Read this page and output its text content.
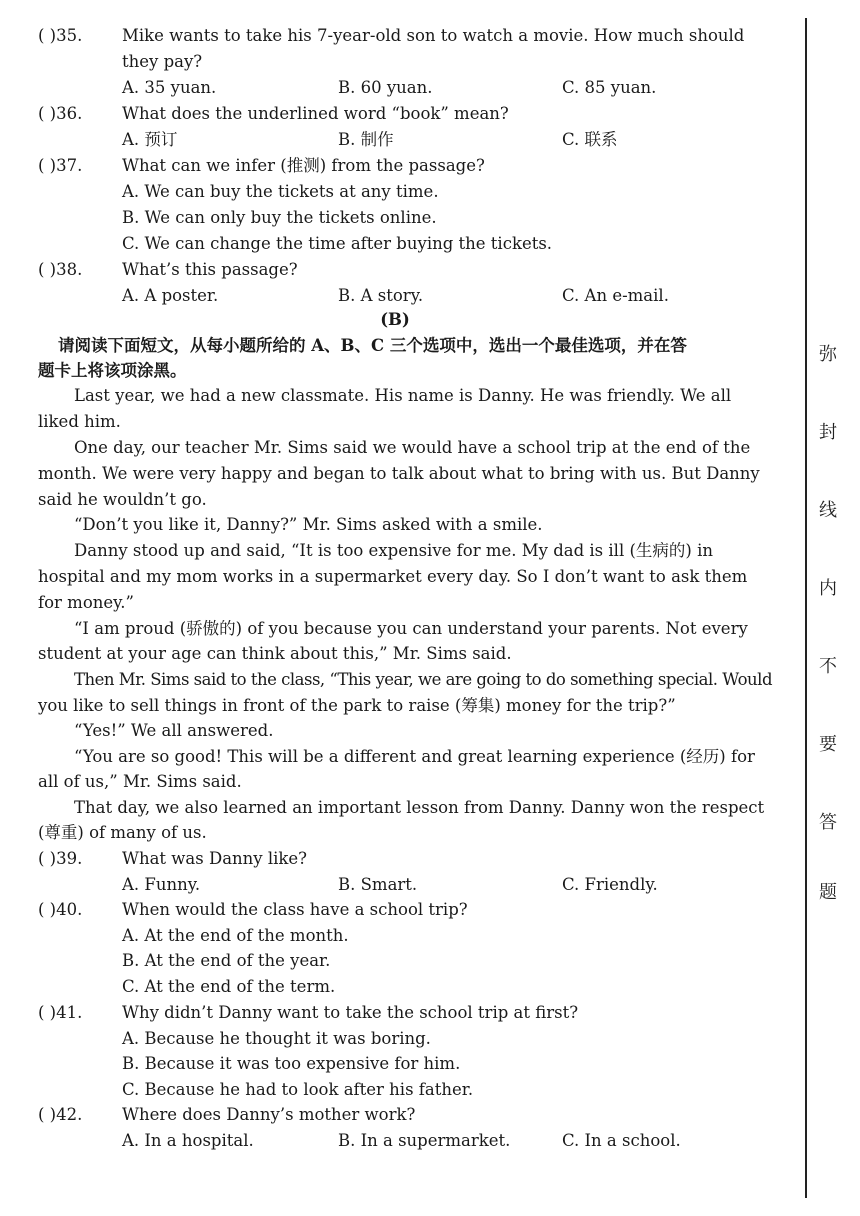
( )35. Mike wants to take his 7-year-old son to watch a movie. How much should
they pay?
A. 35 yuan.	B. 60 yuan.	C. 85 yuan.
( )36. What does the underlined word “book” mean?
A. 预订	B. 制作	C. 联系
( )37. What can we infer (推测) from the passage?
A. We can buy the tickets at any time.
B. We can only buy the tickets online.
C. We can change the time after buying the tickets.
( )38. What’s this passage?
A. A poster.	B. A story.	C. An e-mail.
(B)
请阅读下面短文，从每小题所给的 A、B、C 三个选项中，选出一个最佳选项，并在答
题卡上将该项涂黑。
Last year, we had a new classmate. His name is Danny. He was friendly. We all
liked him.
One day, our teacher Mr. Sims said we would have a school trip at the end of the
month. We were very happy and began to talk about what to bring with us. But Danny
said he wouldn’t go.
“Don’t you like it, Danny?” Mr. Sims asked with a smile.
Danny stood up and said, “It is too expensive for me. My dad is ill (生病的) in
hospital and my mom works in a supermarket every day. So I don’t want to ask them
for money.”
“I am proud (骄傲的) of you because you can understand your parents. Not every
student at your age can think about this,” Mr. Sims said.
Then Mr. Sims said to the class, “This year, we are going to do something special. Would
you like to sell things in front of the park to raise (筹集) money for the trip?”
“Yes!” We all answered.
“You are so good! This will be a different and great learning experience (经历) for
all of us,” Mr. Sims said.
That day, we also learned an important lesson from Danny. Danny won the respect
(尊重) of many of us.
( )39. What was Danny like?
A. Funny.	B. Smart.	C. Friendly.
( )40. When would the class have a school trip?
A. At the end of the month.
B. At the end of the year.
C. At the end of the term.
( )41. Why didn’t Danny want to take the school trip at first?
A. Because he thought it was boring.
B. Because it was too expensive for him.
C. Because he had to look after his father.
( )42. Where does Danny’s mother work?
A. In a hospital.	B. In a supermarket.	C. In a school.
弥
封
线
内
不
要
答
题
